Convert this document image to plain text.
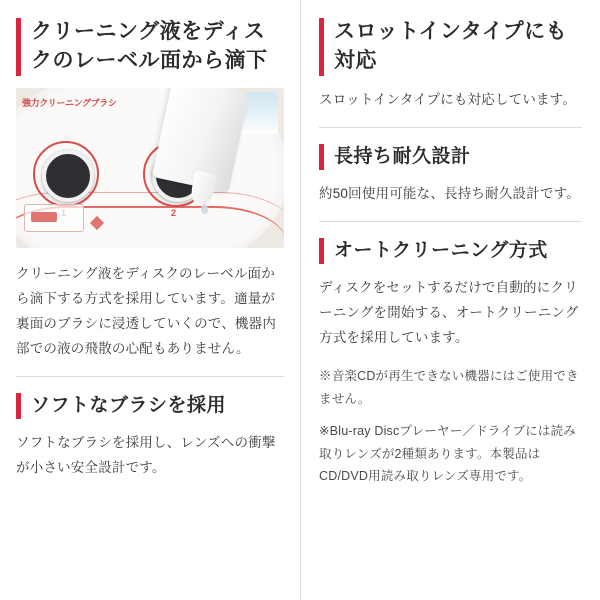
クリーニング液をディスクのレーベル面から滴下
強力クリーニングブラシ
2

クリーニング液をディスクのレーベル面から滴下する方式を採用しています。適量が裏面のブラシに浸透していくので、機器内部での液の飛散の心配もありません。

ソフトなブラシを採用

ソフトなブラシを採用し、レンズへの衝撃が小さい安全設計です。

スロットインタイプにも対応

スロットインタイプにも対応しています。

長持ち耐久設計

約50回使用可能な、長持ち耐久設計です。

オートクリーニング方式

ディスクをセットするだけで自動的にクリーニングを開始する、オートクリーニング方式を採用しています。

※音楽CDが再生できない機器にはご使用できません。

※Blu-ray Discプレーヤー／ドライブには読み取りレンズが2種類あります。本製品はCD/DVD用読み取りレンズ専用です。
